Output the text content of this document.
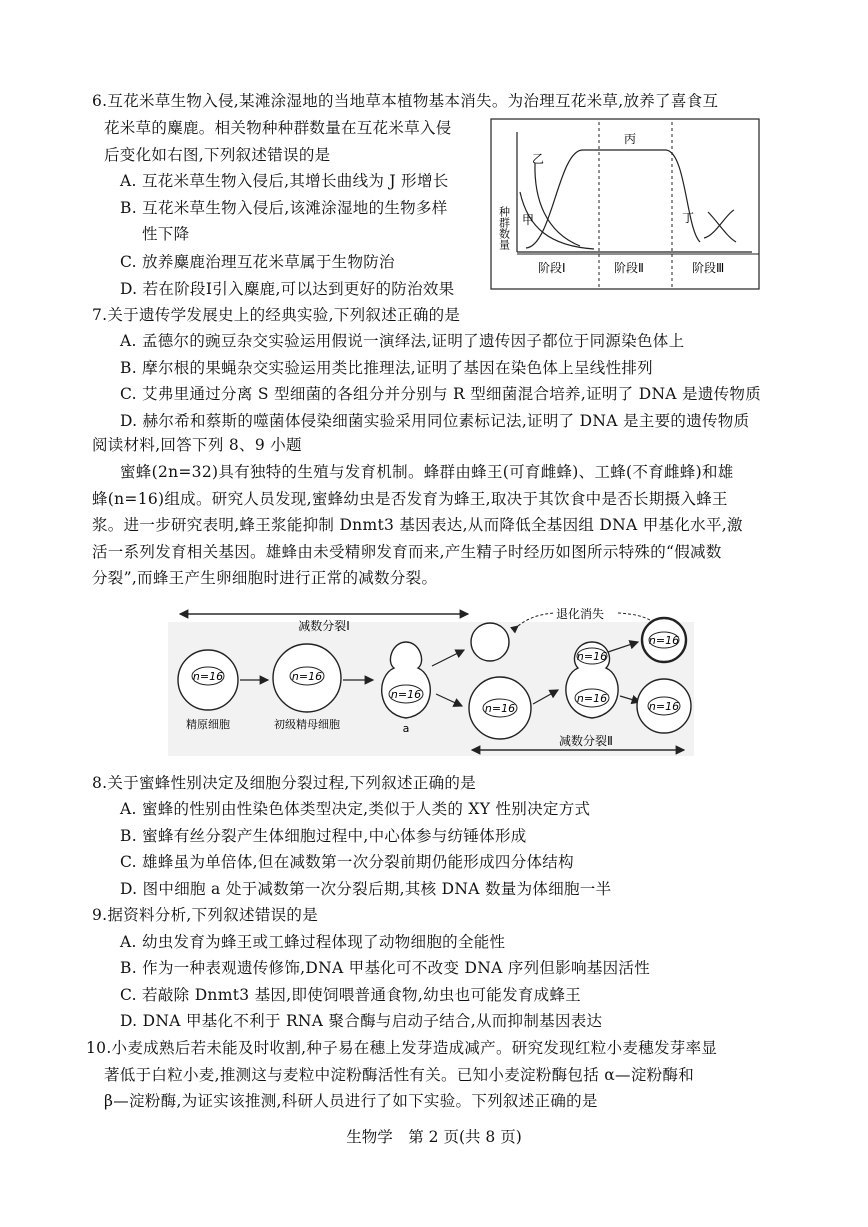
6.互花米草生物入侵,某滩涂湿地的当地草本植物基本消失。为治理互花米草,放养了喜食互
花米草的麋鹿。相关物种种群数量在互花米草入侵
后变化如右图,下列叙述错误的是
A. 互花米草生物入侵后,其增长曲线为 J 形增长
B. 互花米草生物入侵后,该滩涂湿地的生物多样
性下降
C. 放养麋鹿治理互花米草属于生物防治
D. 若在阶段Ⅰ引入麋鹿,可以达到更好的防治效果
种群数量
乙
甲
丙
丁
阶段Ⅰ	阶段Ⅱ	阶段Ⅲ
7.关于遗传学发展史上的经典实验,下列叙述正确的是
A. 孟德尔的豌豆杂交实验运用假说一演绎法,证明了遗传因子都位于同源染色体上
B. 摩尔根的果蝇杂交实验运用类比推理法,证明了基因在染色体上呈线性排列
C. 艾弗里通过分离 S 型细菌的各组分并分别与 R 型细菌混合培养,证明了 DNA 是遗传物质
D. 赫尔希和蔡斯的噬菌体侵染细菌实验采用同位素标记法,证明了 DNA 是主要的遗传物质
阅读材料,回答下列 8、9 小题
蜜蜂(2n=32)具有独特的生殖与发育机制。蜂群由蜂王(可育雌蜂)、工蜂(不育雌蜂)和雄
蜂(n=16)组成。研究人员发现,蜜蜂幼虫是否发育为蜂王,取决于其饮食中是否长期摄入蜂王
浆。进一步研究表明,蜂王浆能抑制 Dnmt3 基因表达,从而降低全基因组 DNA 甲基化水平,激
活一系列发育相关基因。雄蜂由未受精卵发育而来,产生精子时经历如图所示特殊的“假减数
分裂”,而蜂王产生卵细胞时进行正常的减数分裂。
减数分裂Ⅰ
退化消失
n=16
精原细胞
n=16
初级精母细胞
n=16
a
n=16
n=16
n=16
n=16
n=16
减数分裂Ⅱ
8.关于蜜蜂性别决定及细胞分裂过程,下列叙述正确的是
A. 蜜蜂的性别由性染色体类型决定,类似于人类的 XY 性别决定方式
B. 蜜蜂有丝分裂产生体细胞过程中,中心体参与纺锤体形成
C. 雄蜂虽为单倍体,但在减数第一次分裂前期仍能形成四分体结构
D. 图中细胞 a 处于减数第一次分裂后期,其核 DNA 数量为体细胞一半
9.据资料分析,下列叙述错误的是
A. 幼虫发育为蜂王或工蜂过程体现了动物细胞的全能性
B. 作为一种表观遗传修饰,DNA 甲基化可不改变 DNA 序列但影响基因活性
C. 若敲除 Dnmt3 基因,即使饲喂普通食物,幼虫也可能发育成蜂王
D. DNA 甲基化不利于 RNA 聚合酶与启动子结合,从而抑制基因表达
10.小麦成熟后若未能及时收割,种子易在穗上发芽造成减产。研究发现红粒小麦穗发芽率显
著低于白粒小麦,推测这与麦粒中淀粉酶活性有关。已知小麦淀粉酶包括 α—淀粉酶和
β—淀粉酶,为证实该推测,科研人员进行了如下实验。下列叙述正确的是
生物学　第 2 页(共 8 页)
